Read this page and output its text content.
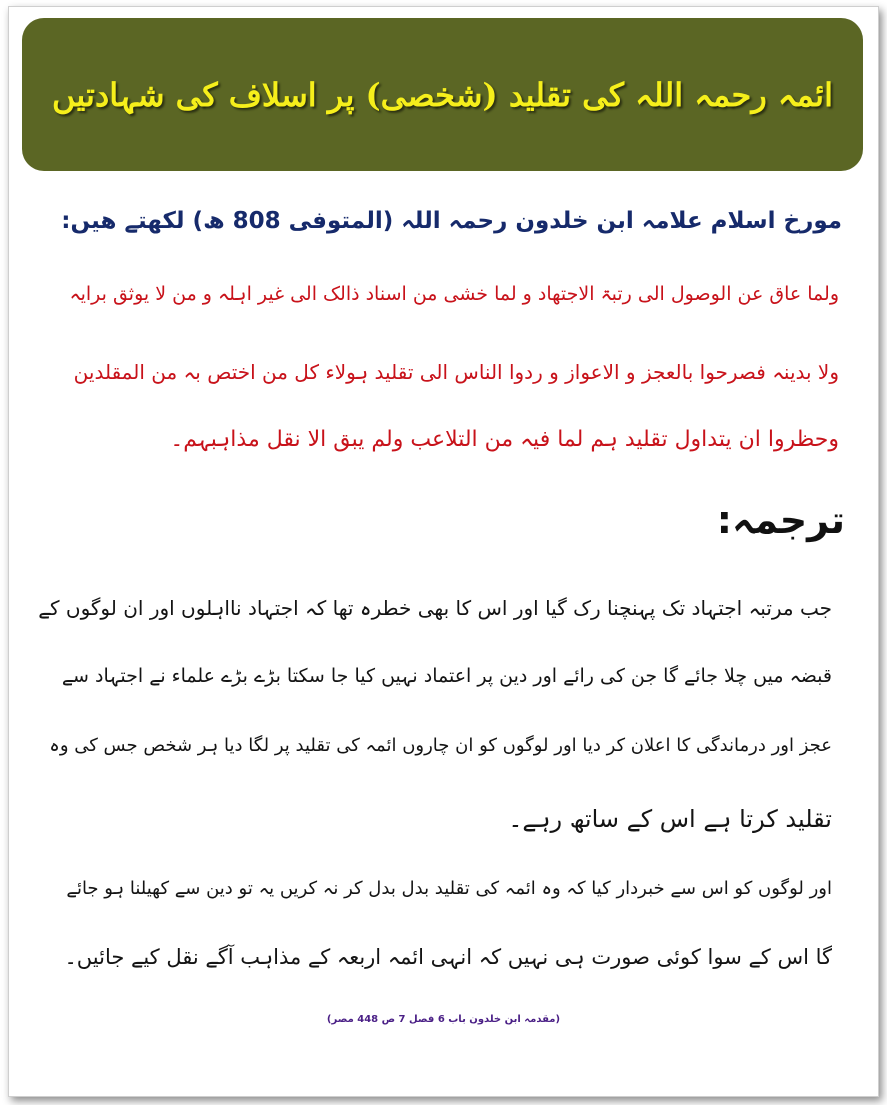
ائمہ رحمہ اللہ کی تقلید (شخصی) پر اسلاف کی شہادتیں
مورخ اسلام علامہ ابن خلدون رحمہ اللہ (المتوفی 808 ھ) لکھتے ھیں:
ولما عاق عن الوصول الی رتبۃ الاجتھاد و لما خشی من اسناد ذالک الی غیر اہلہ و من لا یوثق برایہ
ولا بدینہ فصرحوا بالعجز و الاعواز و ردوا الناس الی تقلید ہولاء کل من اختص بہ من المقلدین
وحظروا ان یتداول تقلید ہم لما فیہ من التلاعب ولم یبق الا نقل مذاہبہم۔
ترجمہ:
جب مرتبہ اجتہاد تک پہنچنا رک گیا اور اس کا بھی خطرہ تھا کہ اجتہاد نااہلوں اور ان لوگوں کے
قبضہ میں چلا جائے گا جن کی رائے اور دین پر اعتماد نہیں کیا جا سکتا بڑے بڑے علماء نے اجتہاد سے
عجز اور درماندگی کا اعلان کر دیا اور لوگوں کو ان چاروں ائمہ کی تقلید پر لگا دیا ہر شخص جس کی وہ
تقلید کرتا ہے اس کے ساتھ رہے۔
اور لوگوں کو اس سے خبردار کیا کہ وہ ائمہ کی تقلید بدل بدل کر نہ کریں یہ تو دین سے کھیلنا ہو جائے
گا اس کے سوا کوئی صورت ہی نہیں کہ انہی ائمہ اربعہ کے مذاہب آگے نقل کیے جائیں۔
(مقدمہ ابن خلدون باب 6 فصل 7 ص 448 مصر)
